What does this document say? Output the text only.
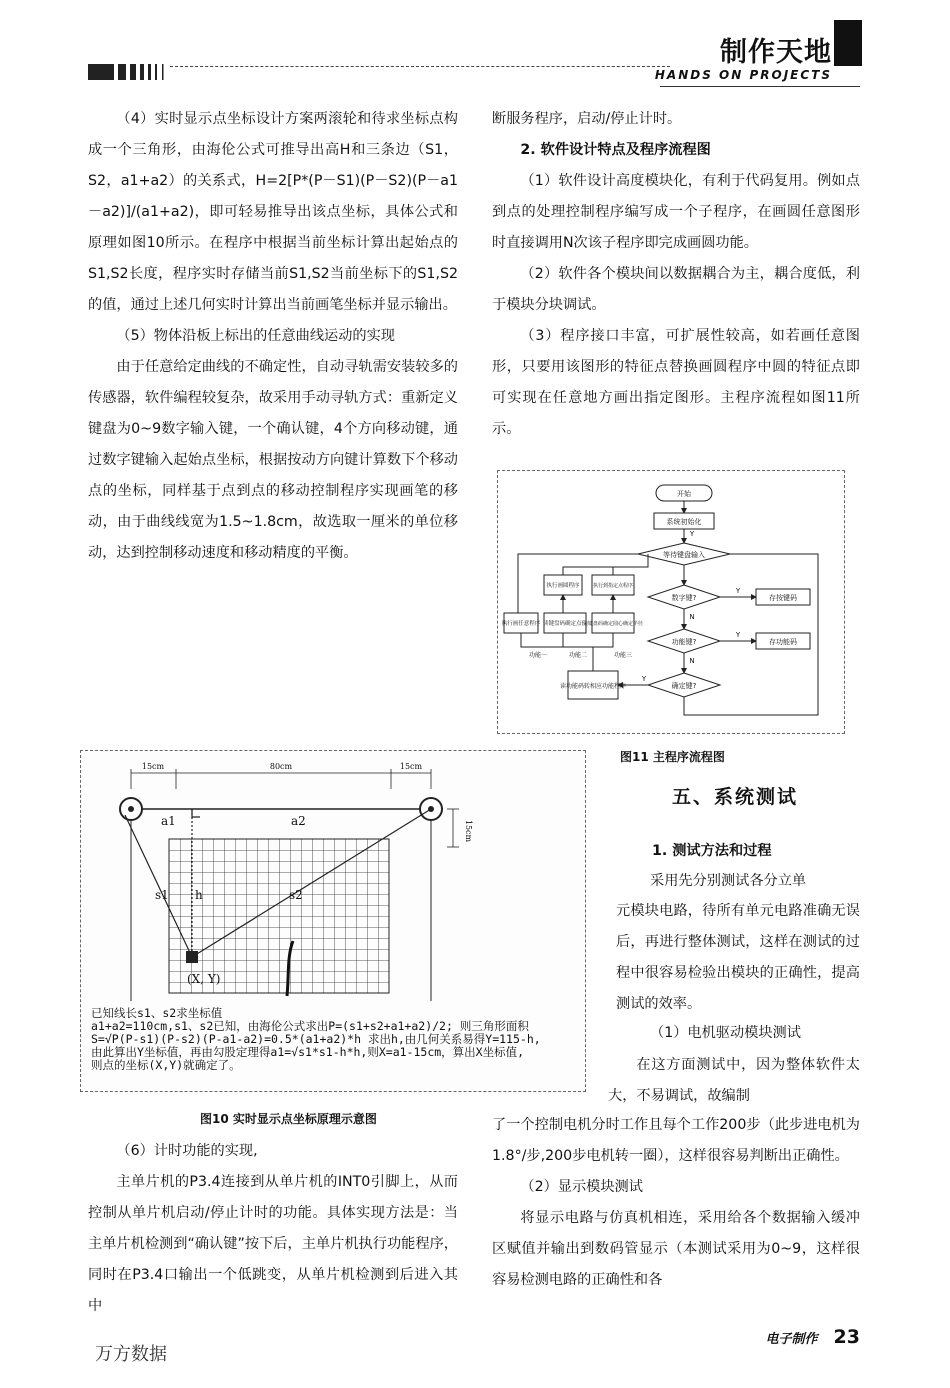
制作天地
HANDS ON PROJECTS

（4）实时显示点坐标设计方案两滚轮和待求坐标点构成一个三角形，由海伦公式可推导出高H和三条边（S1，S2，a1+a2）的关系式，H=2[P*(P－S1)(P－S2)(P－a1－a2)]/(a1+a2)，即可轻易推导出该点坐标，具体公式和原理如图10所示。在程序中根据当前坐标计算出起始点的S1,S2长度，程序实时存储当前S1,S2当前坐标下的S1,S2的值，通过上述几何实时计算出当前画笔坐标并显示输出。

（5）物体沿板上标出的任意曲线运动的实现

由于任意给定曲线的不确定性，自动寻轨需安装较多的传感器，软件编程较复杂，故采用手动寻轨方式：重新定义键盘为0~9数字输入键，一个确认键，4个方向移动键，通过数字键输入起始点坐标，根据按动方向键计算数下个移动点的坐标，同样基于点到点的移动控制程序实现画笔的移动，由于曲线线宽为1.5~1.8cm，故选取一厘米的单位移动，达到控制移动速度和移动精度的平衡。

断服务程序，启动/停止计时。

2. 软件设计特点及程序流程图

（1）软件设计高度模块化，有利于代码复用。例如点到点的处理控制程序编写成一个子程序，在画圆任意图形时直接调用N次该子程序即完成画圆功能。

（2）软件各个模块间以数据耦合为主，耦合度低，利于模块分块调试。

（3）程序接口丰富，可扩展性较高，如若画任意图形，只要用该图形的特征点替换画圆程序中圆的特征点即可实现在任意地方画出指定图形。主程序流程如图11所示。

开始
系统初始化
等待键盘输入
数字键?
功能键?
确定键?
存按键码
存功能码
读功能码转相应功能程序
执行画任意程序 读键盘码确定点位
读键盘码确定圆心确定半径
执行画圆程序	执行到指定点程序
功能一	功能二	功能三
Y
Y
Y
N
N
Y
图11 主程序流程图
五、系统测试

1. 测试方法和过程

采用先分别测试各分立单

元模块电路，待所有单元电路准确无误后，再进行整体测试，这样在测试的过程中很容易检验出模块的正确性，提高测试的效率。

（1）电机驱动模块测试

在这方面测试中，因为整体软件太大，不易调试，故编制

了一个控制电机分时工作且每个工作200步（此步进电机为1.8°/步,200步电机转一圈），这样很容易判断出正确性。

（2）显示模块测试

将显示电路与仿真机相连，采用给各个数据输入缓冲区赋值并输出到数码管显示（本测试采用为0~9，这样很容易检测电路的正确性和各

15cm	80cm	15cm
15cm
a1	a2
s1 h	s2
(X, Y)
已知线长s1、s2求坐标值
a1+a2=110cm,s1、s2已知，由海伦公式求出P=(s1+s2+a1+a2)/2; 则三角形面积
S=√P(P-s1)(P-s2)(P-a1-a2)=0.5*(a1+a2)*h 求出h,由几何关系易得Y=115-h,
由此算出Y坐标值，再由勾股定理得a1=√s1*s1-h*h,则X=a1-15cm，算出X坐标值,
则点的坐标(X,Y)就确定了。
图10 实时显示点坐标原理示意图

（6）计时功能的实现,

主单片机的P3.4连接到从单片机的INT0引脚上，从而控制从单片机启动/停止计时的功能。具体实现方法是：当主单片机检测到“确认键”按下后，主单片机执行功能程序，同时在P3.4口输出一个低跳变，从单片机检测到后进入其中

电子制作 23
万方数据
